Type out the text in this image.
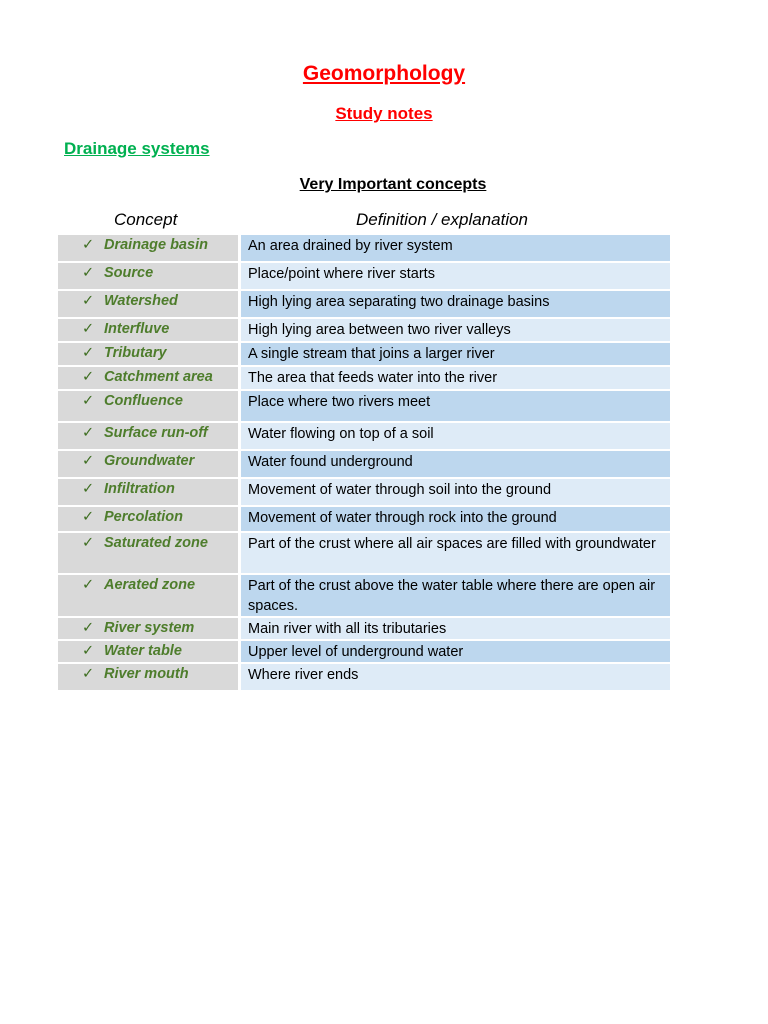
Geomorphology
Study notes
Drainage systems
Very Important concepts
Concept	Definition / explanation
✓ Drainage basin	An area drained by river system
✓ Source	Place/point where river starts
✓ Watershed	High lying area separating two drainage basins
✓ Interfluve	High lying area between two river valleys
✓ Tributary	A single stream that joins a larger river
✓ Catchment area	The area that feeds water into the river
✓ Confluence	Place where two rivers meet
✓ Surface run-off	Water flowing on top of a soil
✓ Groundwater	Water found underground
✓ Infiltration	Movement of water through soil into the ground
✓ Percolation	Movement of water through rock into the ground
✓ Saturated zone	Part of the crust where all air spaces are filled with groundwater
✓ Aerated zone	Part of the crust above the water table where there are open air spaces.
✓ River system	Main river with all its tributaries
✓ Water table	Upper level of underground water
✓ River mouth	Where river ends
